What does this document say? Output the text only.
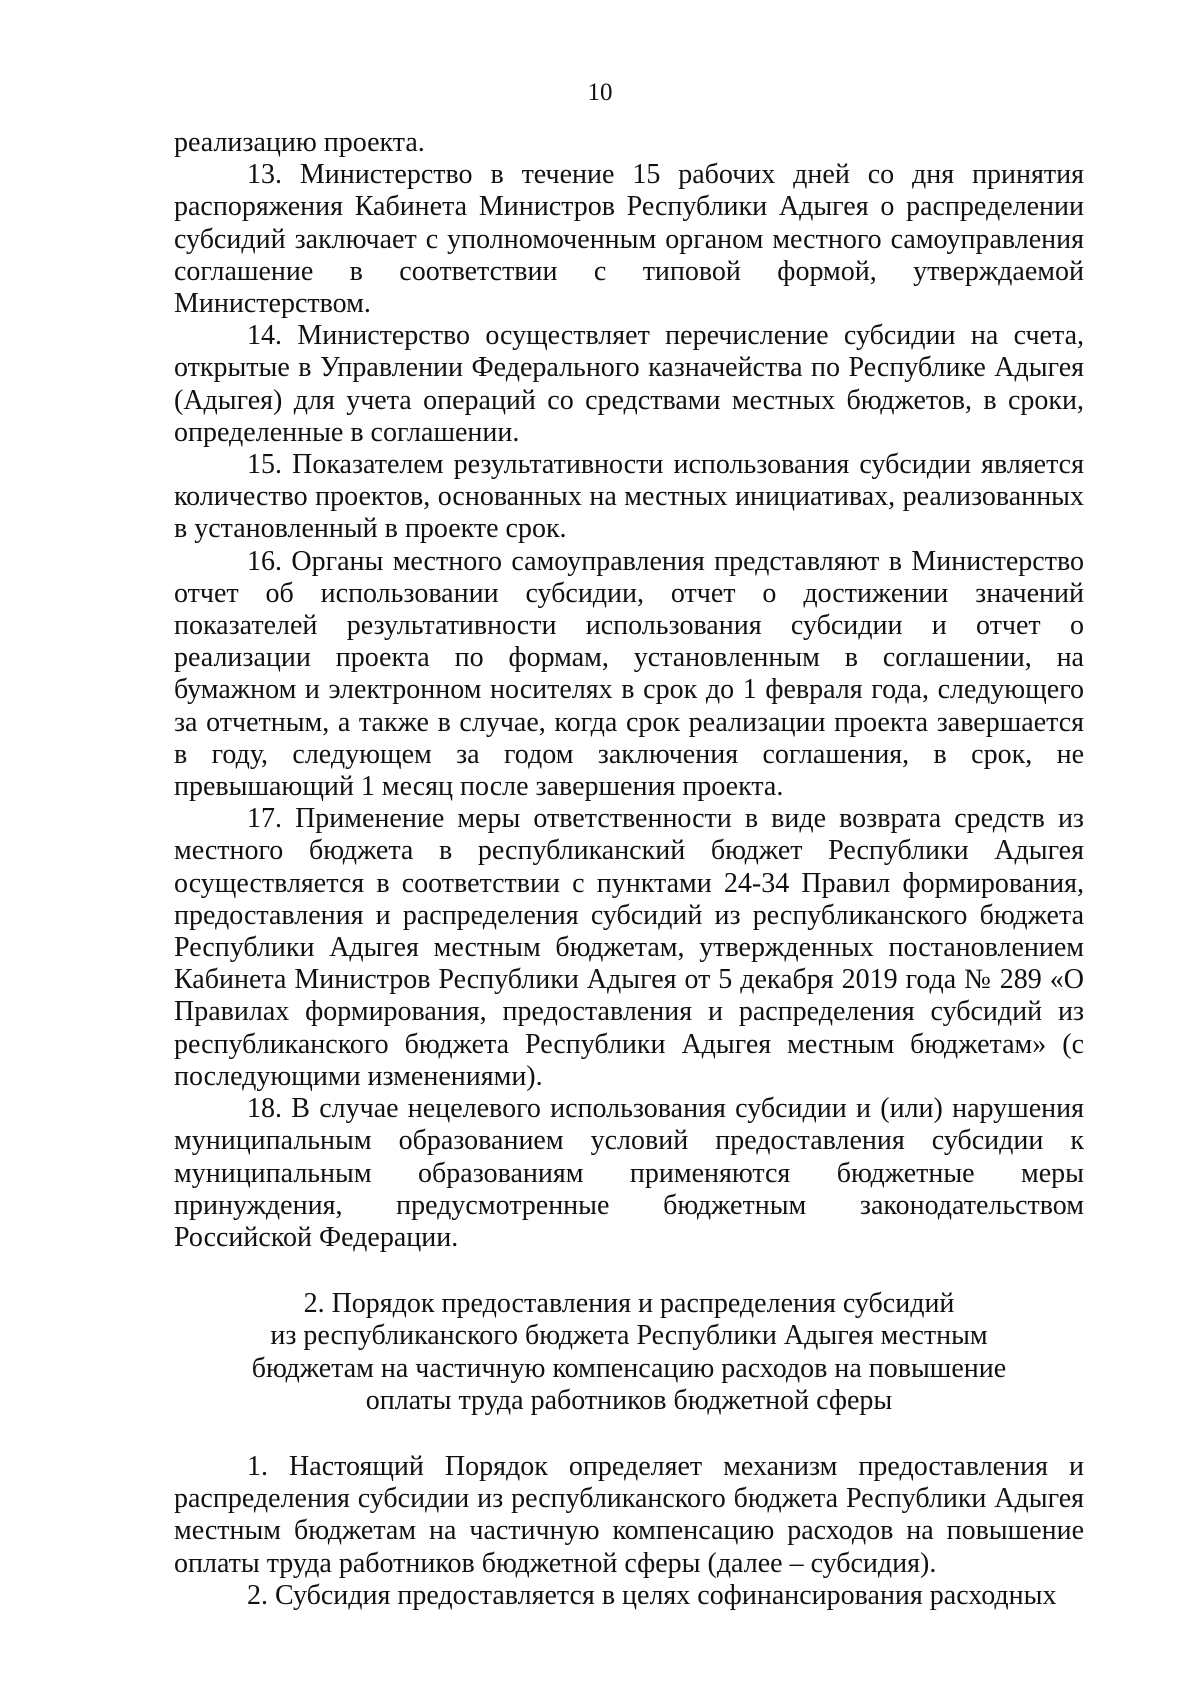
10

реализацию проекта.

13. Министерство в течение 15 рабочих дней со дня принятия распоряжения Кабинета Министров Республики Адыгея о распределении субсидий заключает с уполномоченным органом местного самоуправления соглашение в соответствии с типовой формой, утверждаемой Министерством.

14. Министерство осуществляет перечисление субсидии на счета, открытые в Управлении Федерального казначейства по Республике Адыгея (Адыгея) для учета операций со средствами местных бюджетов, в сроки, определенные в соглашении.

15. Показателем результативности использования субсидии является количество проектов, основанных на местных инициативах, реализованных в установленный в проекте срок.

16. Органы местного самоуправления представляют в Министерство отчет об использовании субсидии, отчет о достижении значений показателей результативности использования субсидии и отчет о реализации проекта по формам, установленным в соглашении, на бумажном и электронном носителях в срок до 1 февраля года, следующего за отчетным, а также в случае, когда срок реализации проекта завершается в году, следующем за годом заключения соглашения, в срок, не превышающий 1 месяц после завершения проекта.

17. Применение меры ответственности в виде возврата средств из местного бюджета в республиканский бюджет Республики Адыгея осуществляется в соответствии с пунктами 24-34 Правил формирования, предоставления и распределения субсидий из республиканского бюджета Республики Адыгея местным бюджетам, утвержденных постановлением Кабинета Министров Республики Адыгея от 5 декабря 2019 года № 289 «О Правилах формирования, предоставления и распределения субсидий из республиканского бюджета Республики Адыгея местным бюджетам» (с последующими изменениями).

18. В случае нецелевого использования субсидии и (или) нарушения муниципальным образованием условий предоставления субсидии к муниципальным образованиям применяются бюджетные меры принуждения, предусмотренные бюджетным законодательством Российской Федерации.

2. Порядок предоставления и распределения субсидий
из республиканского бюджета Республики Адыгея местным
бюджетам на частичную компенсацию расходов на повышение
оплаты труда работников бюджетной сферы

1. Настоящий Порядок определяет механизм предоставления и распределения субсидии из республиканского бюджета Республики Адыгея местным бюджетам на частичную компенсацию расходов на повышение оплаты труда работников бюджетной сферы (далее – субсидия).

2. Субсидия предоставляется в целях софинансирования расходных
